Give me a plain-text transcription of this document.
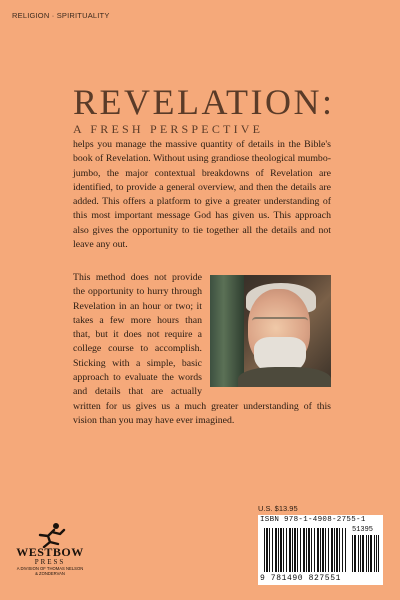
RELIGION · SPIRITUALITY
REVELATION:
A FRESH PERSPECTIVE
helps you manage the massive quantity of details in the Bible's book of Revelation. Without using grandiose theological mumbo-jumbo, the major contextual breakdowns of Revelation are identified, to provide a general overview, and then the details are added. This offers a platform to give a greater understanding of this most important message God has given us. This approach also gives the opportunity to tie together all the details and not leave any out.
This method does not provide the opportunity to hurry through Revelation in an hour or two; it takes a few more hours than that, but it does not require a college course to accomplish. Sticking with a simple, basic approach to evaluate the words and details that are actually written for us gives us a much greater understanding of this vision than you may have ever imagined.
WESTBOW
PRESS
A DIVISION OF THOMAS NELSON
& ZONDERVAN
U.S. $13.95
ISBN 978-1-4908-2755-1
51395
9 781490 827551
